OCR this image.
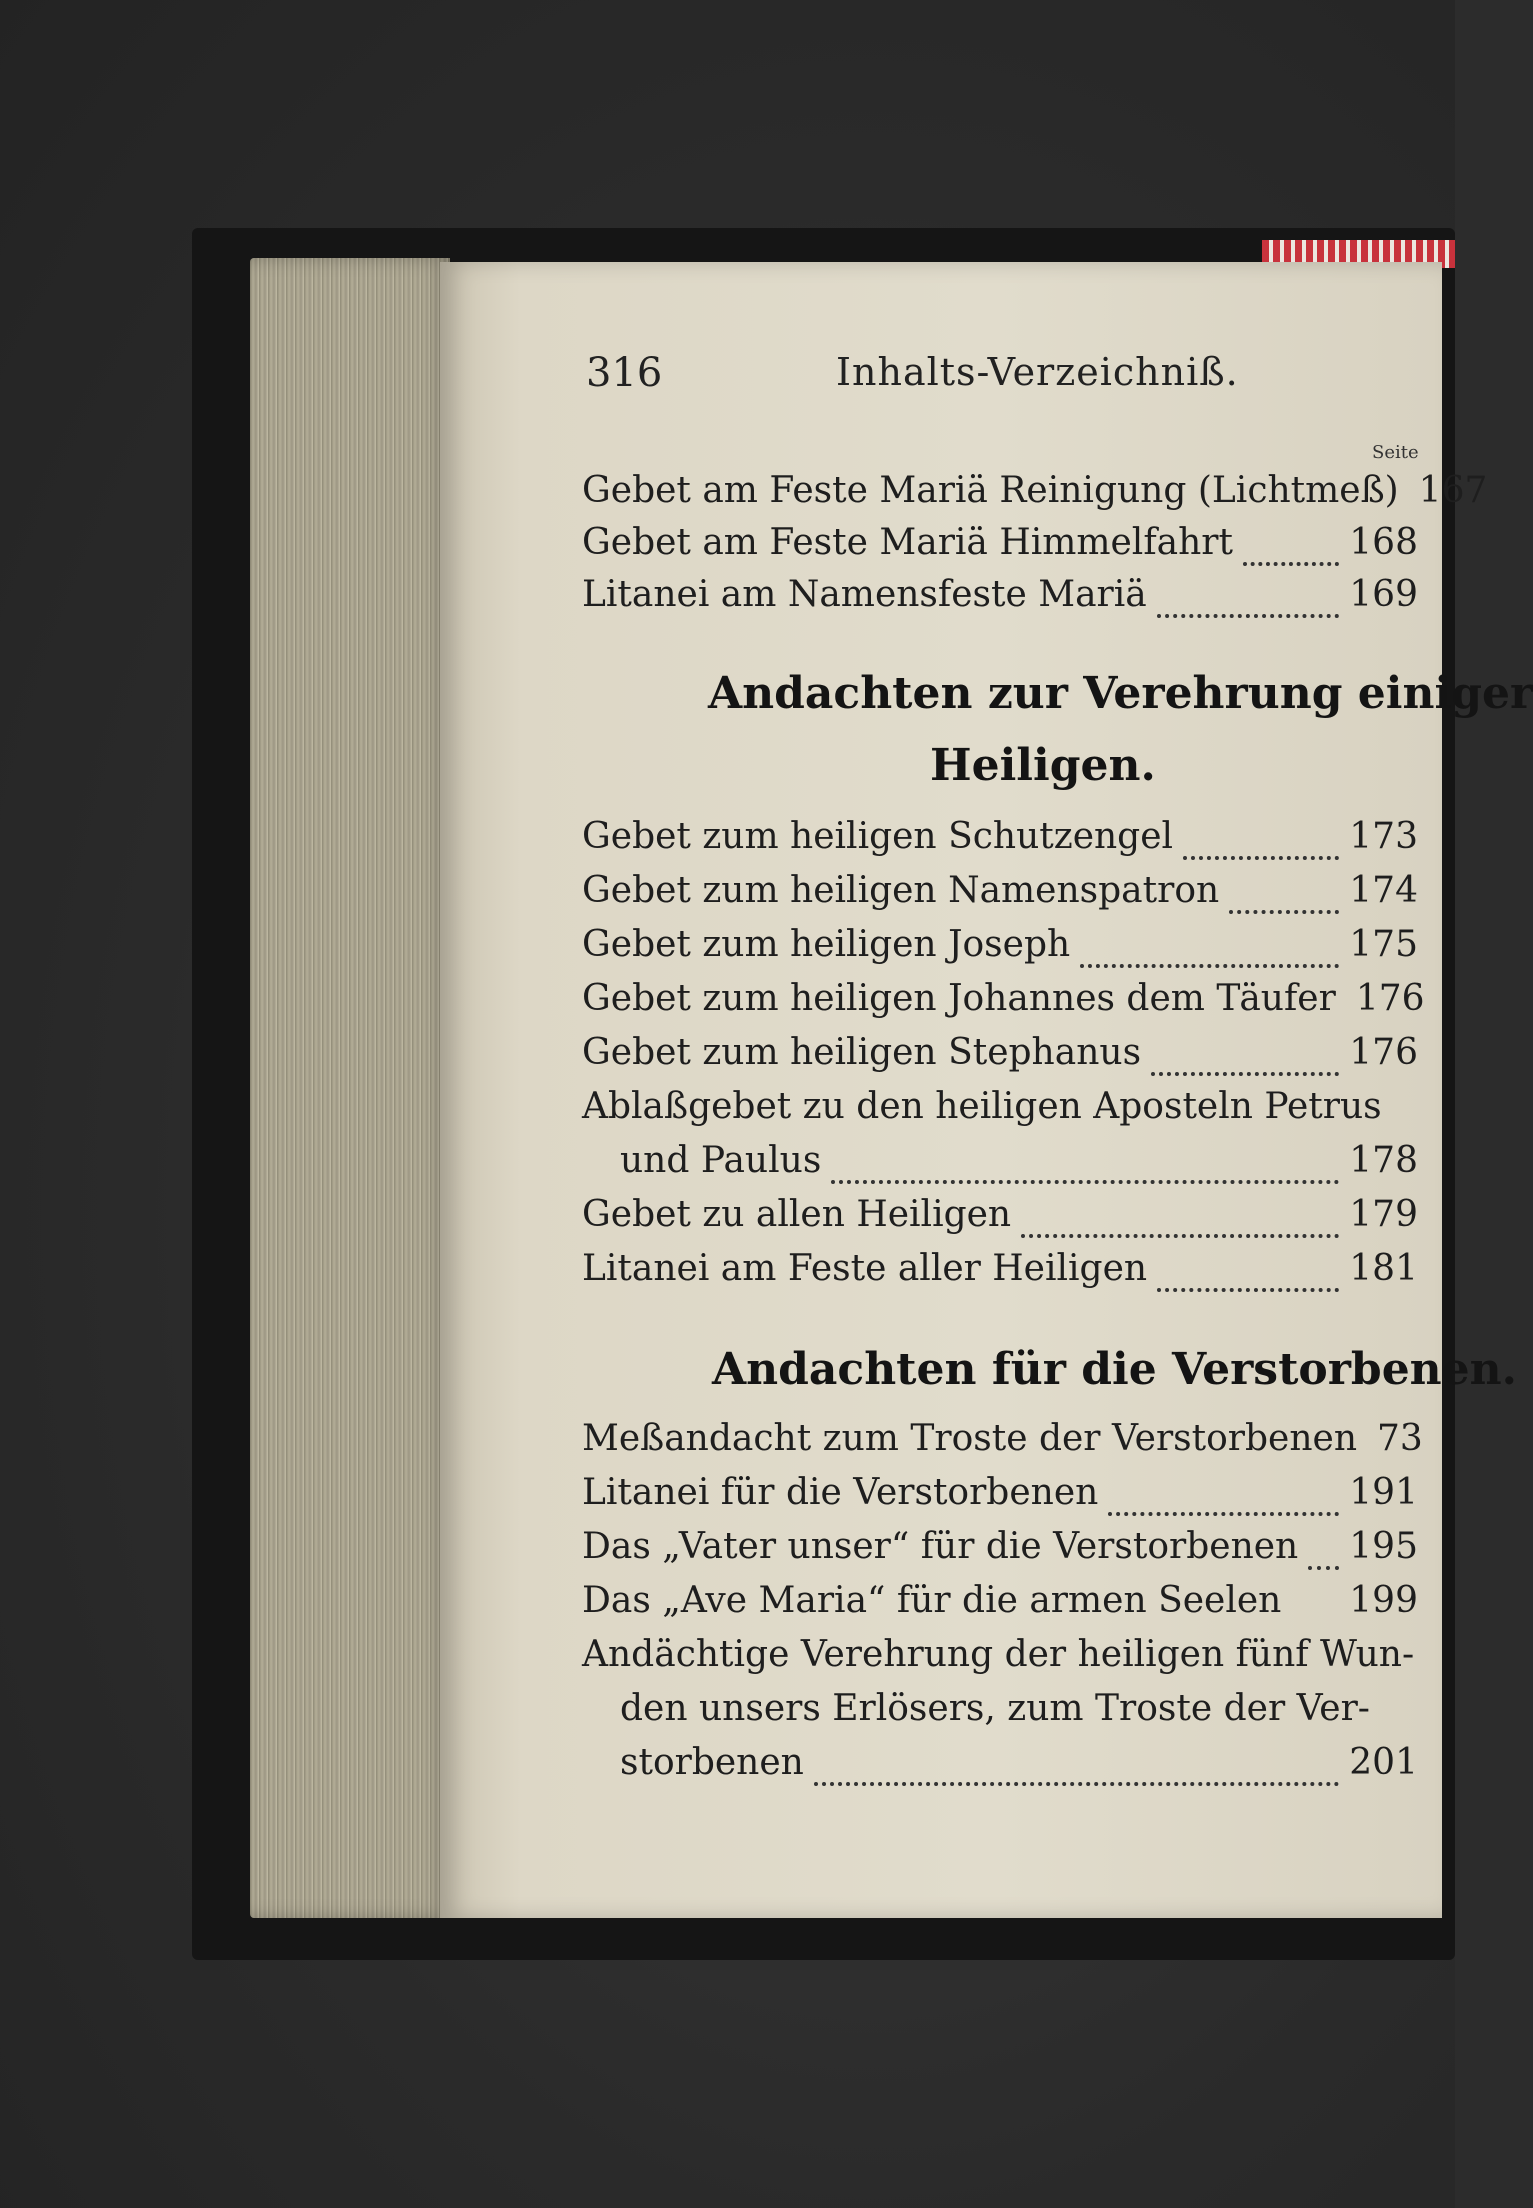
316	Inhalts-Verzeichniß.
Seite
Gebet am Feste Mariä Reinigung (Lichtmeß) 167
Gebet am Feste Mariä Himmelfahrt	168
Litanei am Namensfeste Mariä	169
Andachten zur Verehrung einiger
Heiligen.
Gebet zum heiligen Schutzengel	173
Gebet zum heiligen Namenspatron	174
Gebet zum heiligen Joseph	175
Gebet zum heiligen Johannes dem Täufer 176
Gebet zum heiligen Stephanus	176
Ablaßgebet zu den heiligen Aposteln Petrus
und Paulus	178
Gebet zu allen Heiligen	179
Litanei am Feste aller Heiligen	181
Andachten für die Verstorbenen.
Meßandacht zum Troste der Verstorbenen 73
Litanei für die Verstorbenen	191
Das „Vater unser“ für die Verstorbenen 195
Das „Ave Maria“ für die armen Seelen 199
Andächtige Verehrung der heiligen fünf Wun-
den unsers Erlösers, zum Troste der Ver-
storbenen	201
